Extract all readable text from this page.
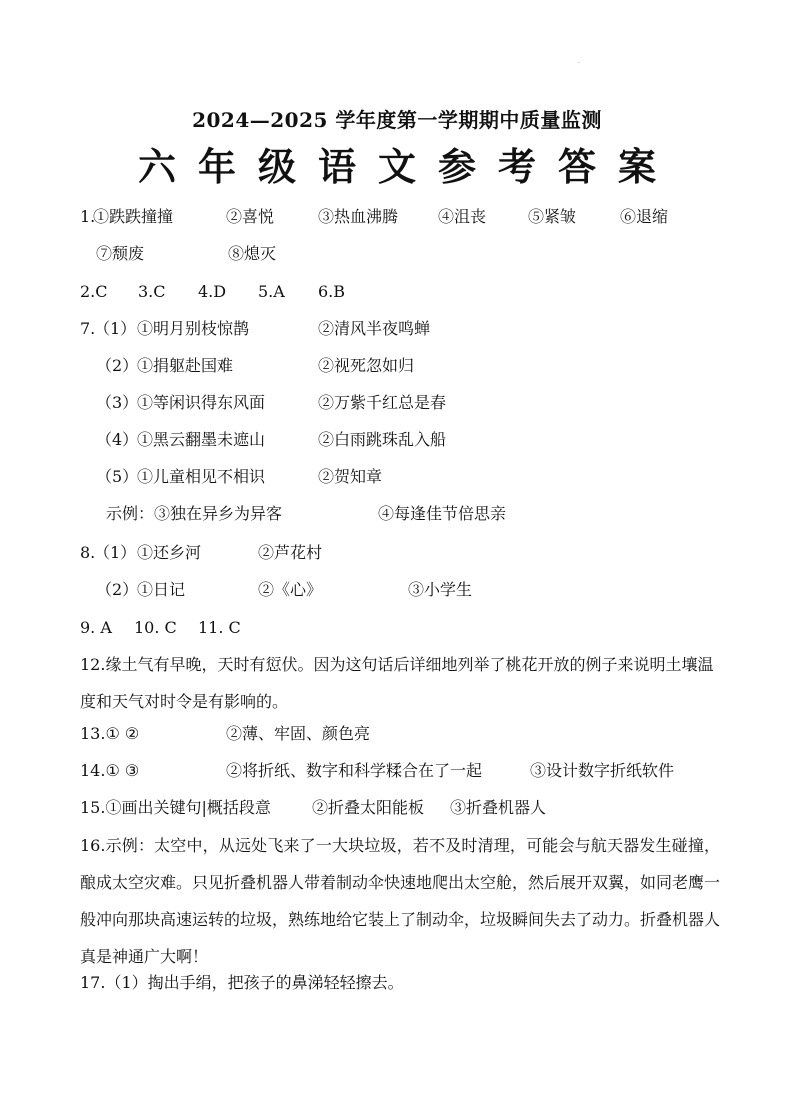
·
2024—2025 学年度第一学期期中质量监测
六年级语文参考答案
1.
①跌跌撞撞	②喜悦	③热血沸腾 ④沮丧	⑤紧皱	⑥退缩
⑦颓废	⑧熄灭
2.C 3.C 4.D 5.A 6.B
7.
（1） ①明月别枝惊鹊	②清风半夜鸣蝉
（2）
①捐躯赴国难	②视死忽如归
（3）
①等闲识得东风面	②万紫千红总是春
（4）
①黑云翻墨未遮山	②白雨跳珠乱入船
（5）
①儿童相见不相识	②贺知章
示例： ③独在异乡为异客	④每逢佳节倍思亲
8.
（1） ①还乡河	②芦花村
（2）
①日记	②《心》	③小学生
9. A 10. C 11. C
12.缘土气有早晚，天时有愆伏。因为这句话后详细地列举了桃花开放的例子来说明土壤温度和天气对时令是有影响的。
13.① ②	②薄、牢固、颜色亮
14.① ③	②将折纸、数字和科学糅合在了一起	③设计数字折纸软件
15.①画出关键句|概括段意	②折叠太阳能板 ③折叠机器人
16.示例：太空中，从远处飞来了一大块垃圾，若不及时清理，可能会与航天器发生碰撞，酿成太空灾难。只见折叠机器人带着制动伞快速地爬出太空舱，然后展开双翼，如同老鹰一般冲向那块高速运转的垃圾，熟练地给它装上了制动伞，垃圾瞬间失去了动力。折叠机器人真是神通广大啊！
17.（1）掏出手绢，把孩子的鼻涕轻轻擦去。
